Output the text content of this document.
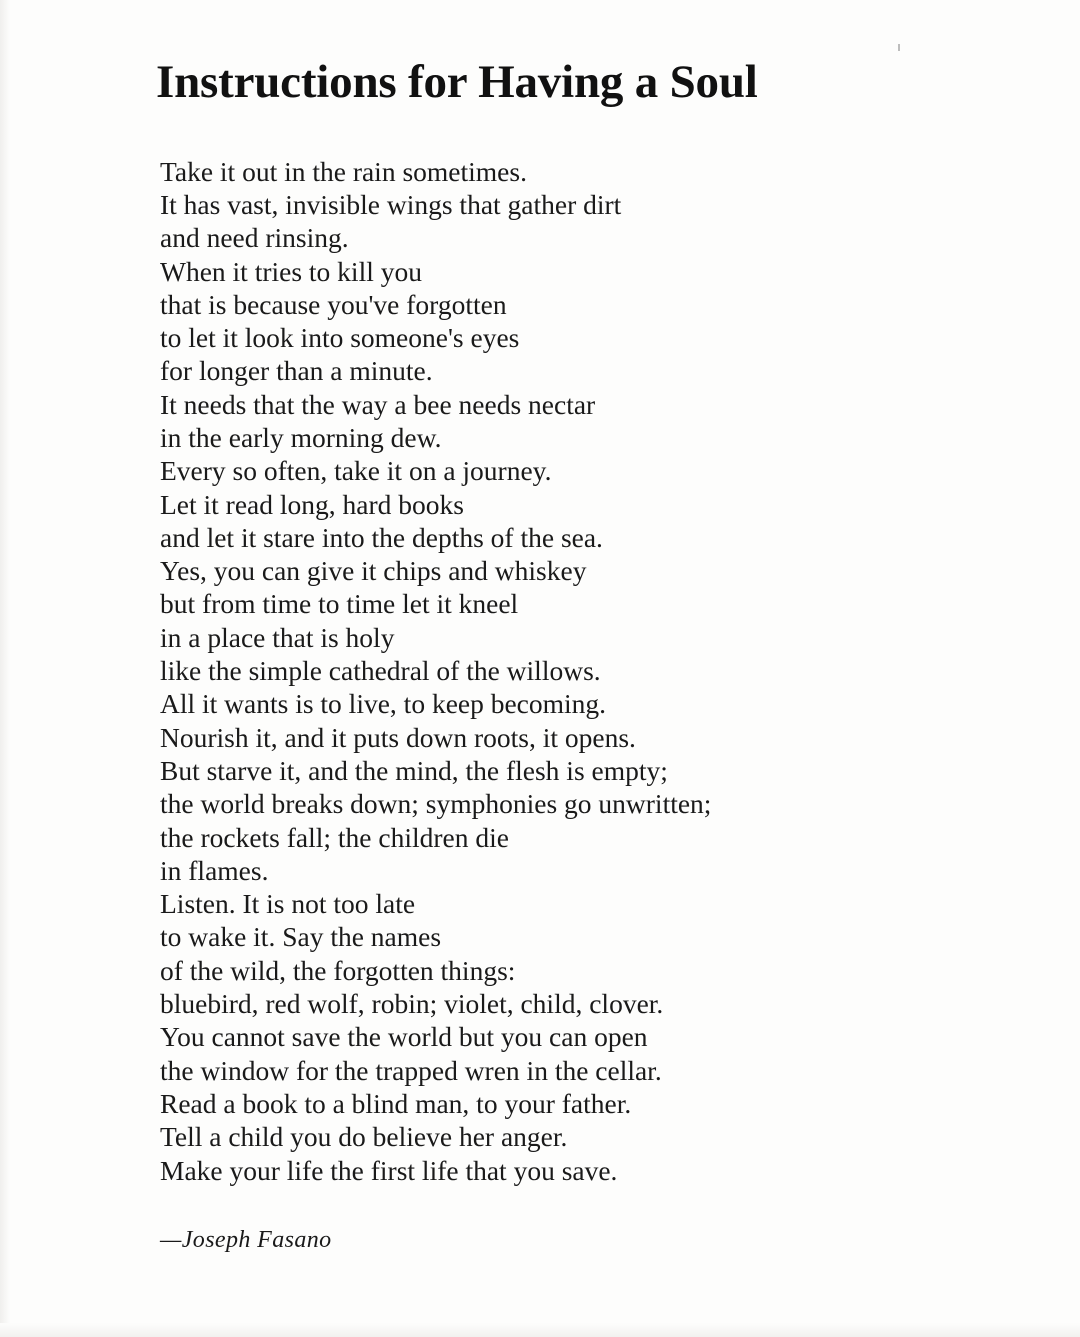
Instructions for Having a Soul
Take it out in the rain sometimes.
It has vast, invisible wings that gather dirt
and need rinsing.
When it tries to kill you
that is because you've forgotten
to let it look into someone's eyes
for longer than a minute.
It needs that the way a bee needs nectar
in the early morning dew.
Every so often, take it on a journey.
Let it read long, hard books
and let it stare into the depths of the sea.
Yes, you can give it chips and whiskey
but from time to time let it kneel
in a place that is holy
like the simple cathedral of the willows.
All it wants is to live, to keep becoming.
Nourish it, and it puts down roots, it opens.
But starve it, and the mind, the flesh is empty;
the world breaks down; symphonies go unwritten;
the rockets fall; the children die
in flames.
Listen. It is not too late
to wake it. Say the names
of the wild, the forgotten things:
bluebird, red wolf, robin; violet, child, clover.
You cannot save the world but you can open
the window for the trapped wren in the cellar.
Read a book to a blind man, to your father.
Tell a child you do believe her anger.
Make your life the first life that you save.
—Joseph Fasano
